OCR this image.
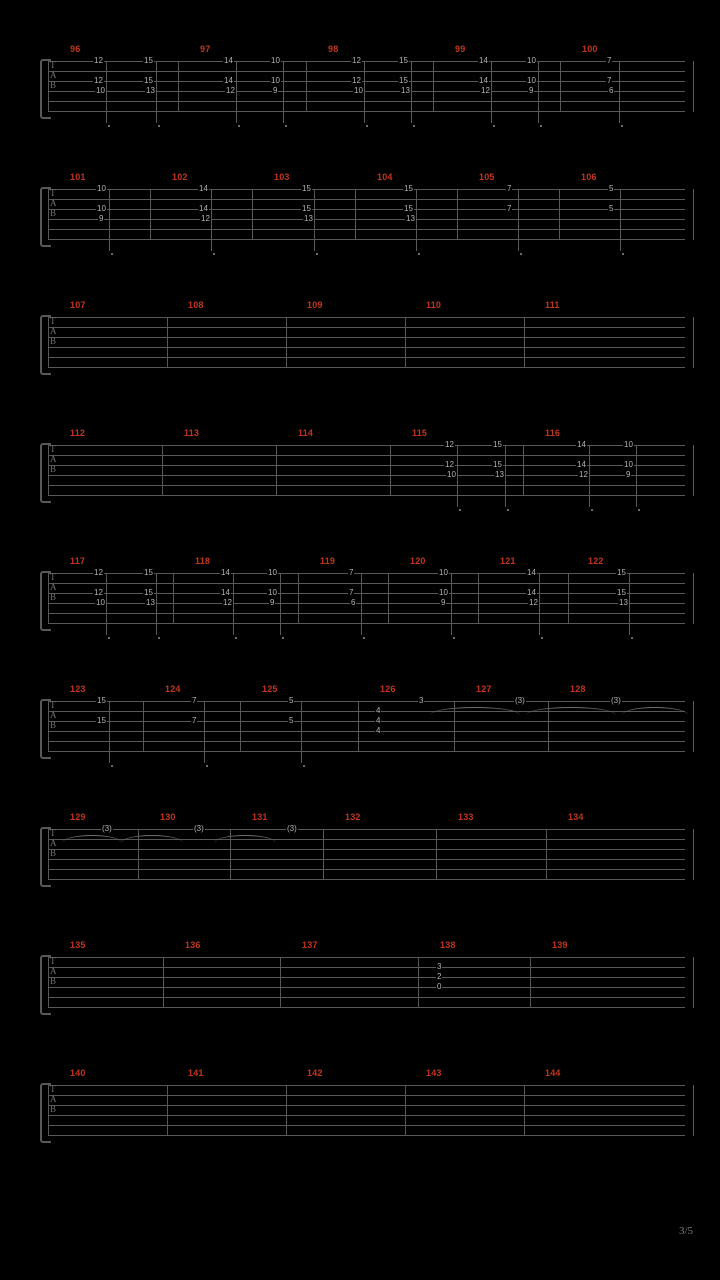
96	97	98	99	100
T
A
B
12
12
10
15
15
13
14
14
12
10
10
9
12
12
10
15
15
13
14
14
12
10
10
9
7
7
6
101	102	103	104	105	106
T
A
B
10
10
9
14
14
12
15
15
13
15
15
13
7
7
5
5
107	108	109	110	111
T
A
B
112	113	114	115	116
T
A
B
12
12
10
15
15
13
14
14
12
10
10
9
117	118	119	120	121	122
T
A
B
12
12
10
15
15
13
14
14
12
10
10
9
7
7
6
10
10
9
14
14
12
15
15
13
123	124	125	126	127	128
T
A
B
15
15
7
7
5
5
4
4
4
3	(3)	(3)
129	130	131	132	133	134
T
A
B
(3)	(3)	(3)
135	136	137	138	139
T
A
B
3
2
0
140	141	142	143	144
T
A
B
3/5
